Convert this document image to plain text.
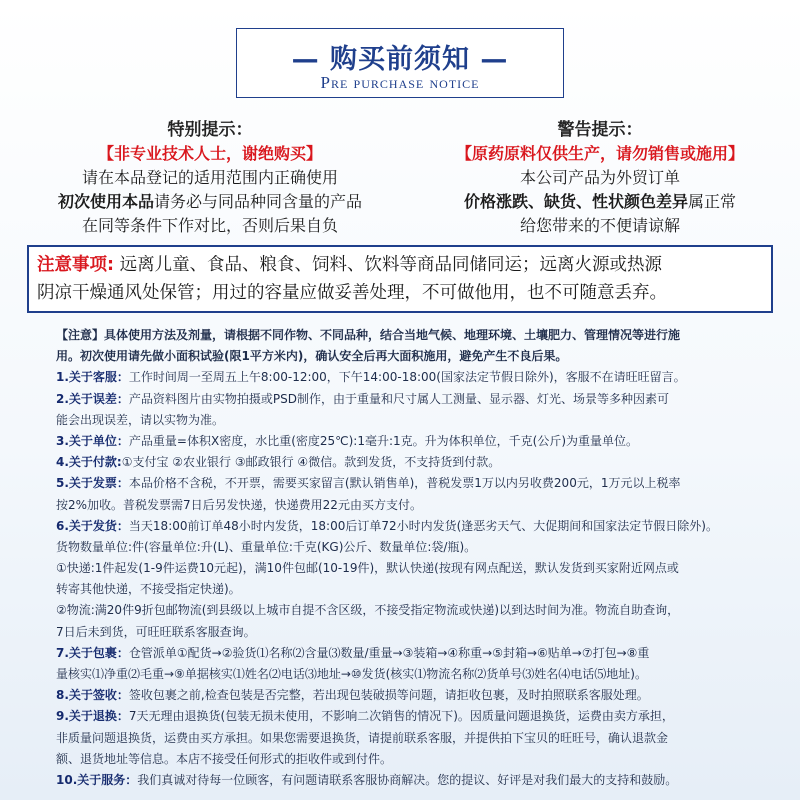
— 购买前须知 —
Pre purchase notice
特别提示：
【非专业技术人士，谢绝购买】
请在本品登记的适用范围内正确使用
初次使用本品请务必与同品种同含量的产品
在同等条件下作对比，否则后果自负
警告提示：
【原药原料仅供生产，请勿销售或施用】
本公司产品为外贸订单
价格涨跌、缺货、性状颜色差异属正常
给您带来的不便请谅解
注意事项: 远离儿童、食品、粮食、饲料、饮料等商品同储同运；远离火源或热源
阴凉干燥通风处保管；用过的容量应做妥善处理，不可做他用，也不可随意丢弃。
【注意】具体使用方法及剂量，请根据不同作物、不同品种，结合当地气候、地理环境、土壤肥力、管理情况等进行施
用。初次使用请先做小面积试验(限1平方米内)，确认安全后再大面积施用，避免产生不良后果。
1.关于客服：工作时间周一至周五上午8:00-12:00，下午14:00-18:00(国家法定节假日除外)，客服不在请旺旺留言。
2.关于误差：产品资料图片由实物拍摄或PSD制作，由于重量和尺寸属人工测量、显示器、灯光、场景等多种因素可
能会出现误差，请以实物为准。
3.关于单位：产品重量=体积X密度，水比重(密度25℃):1毫升:1克。升为体积单位，千克(公斤)为重量单位。
4.关于付款:①支付宝 ②农业银行 ③邮政银行 ④微信。款到发货，不支持货到付款。
5.关于发票：本品价格不含税，不开票，需要买家留言(默认销售单)，普税发票1万以内另收费200元，1万元以上税率
按2%加收。普税发票需7日后另发快递，快递费用22元由买方支付。
6.关于发货：当天18:00前订单48小时内发货，18:00后订单72小时内发货(逢恶劣天气、大促期间和国家法定节假日除外)。
货物数量单位:件(容量单位:升(L)、重量单位:千克(KG)公斤、数量单位:袋/瓶)。
①快递:1件起发(1-9件运费10元起)，满10件包邮(10-19件)，默认快递(按现有网点配送，默认发货到买家附近网点或
转寄其他快递，不接受指定快递)。
②物流:满20件9折包邮物流(到县级以上城市自提不含区级，不接受指定物流或快递)以到达时间为准。物流自助查询，
7日后未到货，可旺旺联系客服查询。
7.关于包裹：仓管派单①配货→②验货⑴名称⑵含量⑶数量/重量→③装箱→④称重→⑤封箱→⑥贴单→⑦打包→⑧重
量核实⑴净重⑵毛重→⑨单据核实⑴姓名⑵电话⑶地址→⑩发货(核实⑴物流名称⑵货单号⑶姓名⑷电话⑸地址)。
8.关于签收：签收包裹之前,检查包装是否完整，若出现包装破损等问题，请拒收包裹，及时拍照联系客服处理。
9.关于退换：7天无理由退换货(包装无损未使用，不影响二次销售的情况下)。因质量问题退换货，运费由卖方承担，
非质量问题退换货，运费由买方承担。如果您需要退换货，请提前联系客服，并提供拍下宝贝的旺旺号，确认退款金
额、退货地址等信息。本店不接受任何形式的拒收件或到付件。
10.关于服务：我们真诚对待每一位顾客，有问题请联系客服协商解决。您的提议、好评是对我们最大的支持和鼓励。
